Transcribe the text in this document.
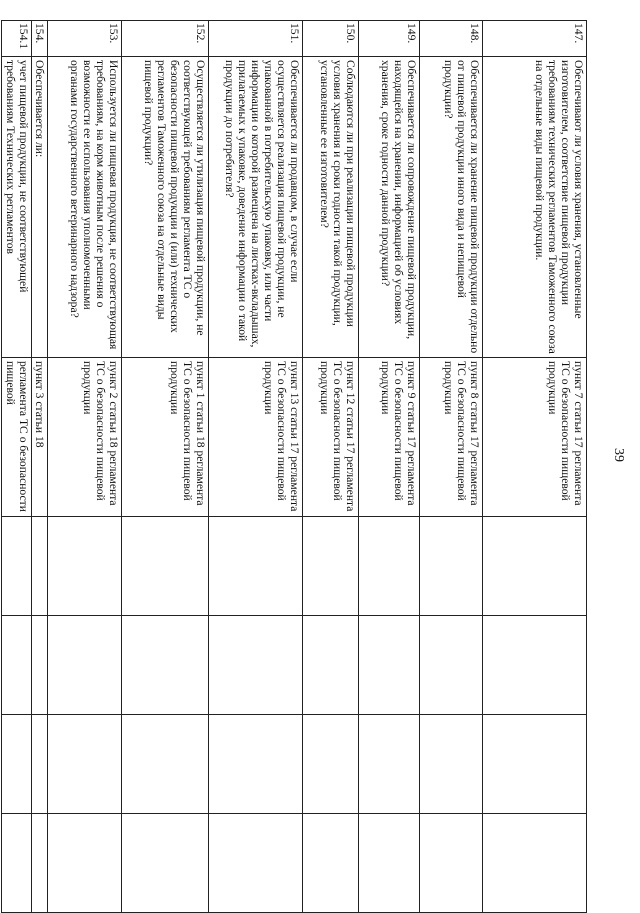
39
147.	Обеспечивают ли условия хранения, установленные изготовителем, соответствие пищевой продукции требованиям технических регламентов Таможенного союза на отдельные виды пищевой продукции.	пункт 7 статьи 17 регламента ТС о безопасности пищевой продукции				
148.	Обеспечивается ли хранение пищевой продукции отдельно от пищевой продукции иного вида и непищевой продукции?	пункт 8 статьи 17 регламента ТС о безопасности пищевой продукции				
149.	Обеспечивается ли сопровождение пищевой продукции, находящейся на хранении, информацией об условиях хранения, сроке годности данной продукции?	пункт 9 статьи 17 регламента ТС о безопасности пищевой продукции				
150.	Соблюдаются ли при реализации пищевой продукции условия хранения и сроки годности такой продукции, установленные ее изготовителем?	пункт 12 статьи 17 регламента ТС о безопасности пищевой продукции				
151.	Обеспечивается ли продавцом, в случае если осуществляется реализация пищевой продукции, не упакованной в потребительскую упаковку, или части информации о которой размещена на листках-вкладышах, прилагаемых к упаковке, доведение информации о такой продукции до потребителя?	пункт 13 статьи 17 регламента ТС о безопасности пищевой продукции				
152.	Осуществляется ли утилизация пищевой продукции, не соответствующей требованиям регламента ТС о безопасности пищевой продукции и (или) технических регламентов Таможенного союза на отдельные виды пищевой продукции?	пункт 1 статьи 18 регламента ТС о безопасности пищевой продукции				
153.	Используется ли пищевая продукция, не соответствующая требованиям, на корм животным после решения о возможности ее использования уполномоченными органами государственного ветеринарного надзора?	пункт 2 статьи 18 регламента ТС о безопасности пищевой продукции				
154.	Обеспечивается ли:	пункт 3 статьи 18				
154.1	учет пищевой продукции, не соответствующей требованиям Технических регламентов	регламента ТС о безопасности пищевой				
